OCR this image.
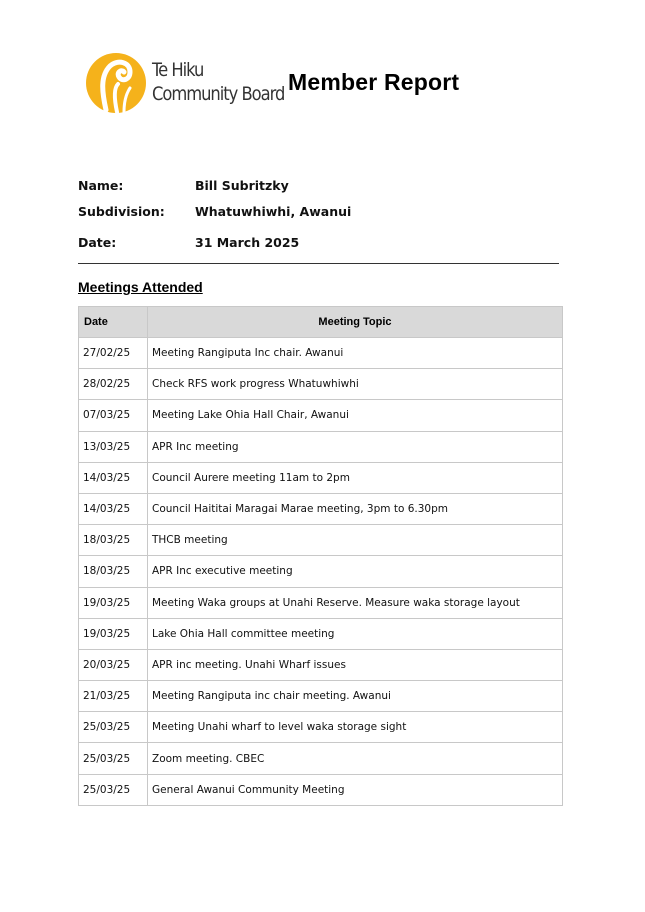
Te Hiku
Community Board Member Report
Name:	Bill Subritzky
Subdivision: Whatuwhiwhi, Awanui
Date:	31 March 2025
Meetings Attended
Date	Meeting Topic
27/02/25	Meeting Rangiputa Inc chair. Awanui
28/02/25	Check RFS work progress Whatuwhiwhi
07/03/25	Meeting Lake Ohia Hall Chair, Awanui
13/03/25	APR Inc meeting
14/03/25	Council Aurere meeting 11am to 2pm
14/03/25	Council Haititai Maragai Marae meeting, 3pm to 6.30pm
18/03/25	THCB meeting
18/03/25	APR Inc executive meeting
19/03/25	Meeting Waka groups at Unahi Reserve. Measure waka storage layout
19/03/25	Lake Ohia Hall committee meeting
20/03/25	APR inc meeting. Unahi Wharf issues
21/03/25	Meeting Rangiputa inc chair meeting. Awanui
25/03/25	Meeting Unahi wharf to level waka storage sight
25/03/25	Zoom meeting. CBEC
25/03/25	General Awanui Community Meeting
